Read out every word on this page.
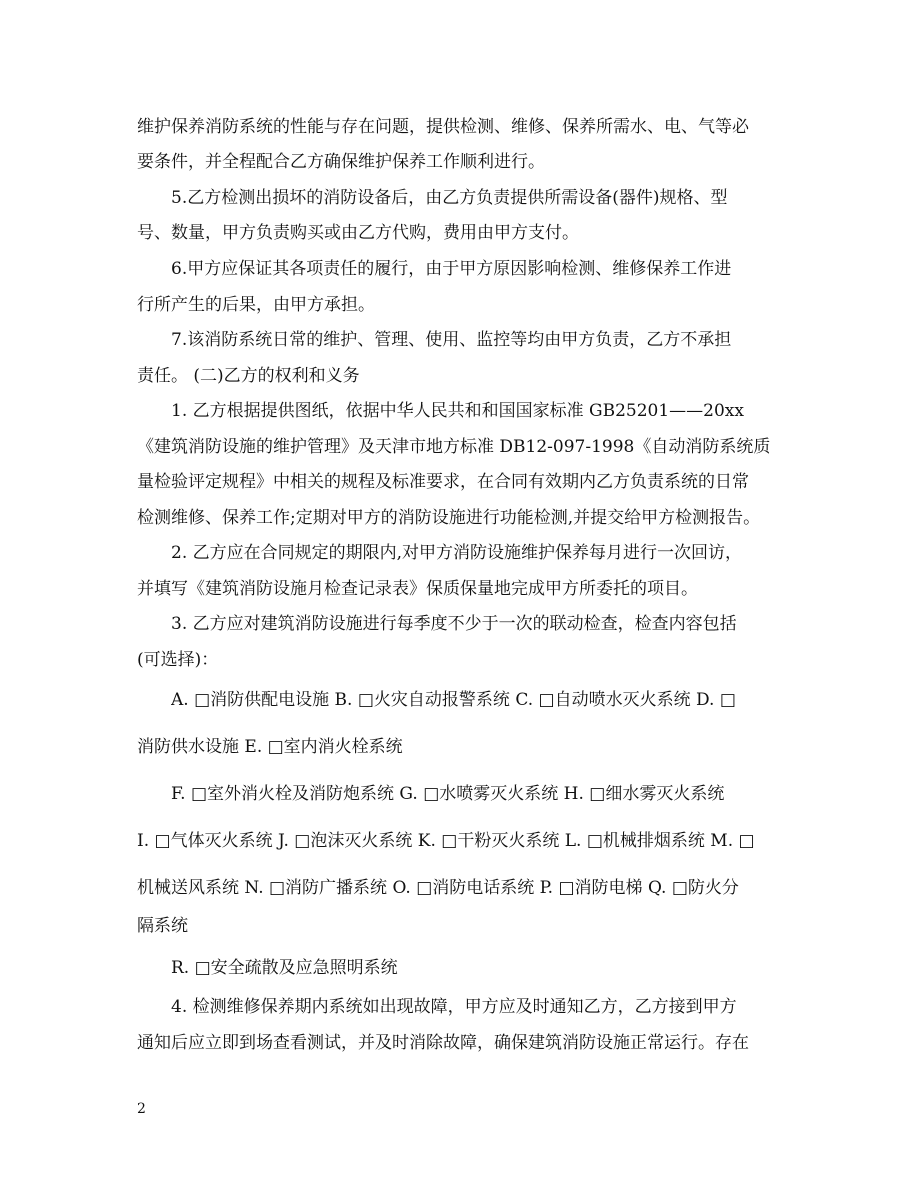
维护保养消防系统的性能与存在问题，提供检测、维修、保养所需水、电、气等必
要条件，并全程配合乙方确保维护保养工作顺利进行。
5.乙方检测出损坏的消防设备后，由乙方负责提供所需设备(器件)规格、型
号、数量，甲方负责购买或由乙方代购，费用由甲方支付。
6.甲方应保证其各项责任的履行，由于甲方原因影响检测、维修保养工作进
行所产生的后果，由甲方承担。
7.该消防系统日常的维护、管理、使用、监控等均由甲方负责，乙方不承担
责任。 (二)乙方的权利和义务
1. 乙方根据提供图纸，依据中华人民共和和国国家标准 GB25201——20xx
《建筑消防设施的维护管理》及天津市地方标准 DB12-097-1998《自动消防系统质
量检验评定规程》中相关的规程及标准要求，在合同有效期内乙方负责系统的日常
检测维修、保养工作;定期对甲方的消防设施进行功能检测,并提交给甲方检测报告。
2. 乙方应在合同规定的期限内,对甲方消防设施维护保养每月进行一次回访，
并填写《建筑消防设施月检查记录表》保质保量地完成甲方所委托的项目。
3. 乙方应对建筑消防设施进行每季度不少于一次的联动检查，检查内容包括
(可选择)：
A. □消防供配电设施 B. □火灾自动报警系统 C. □自动喷水灭火系统 D. □
消防供水设施 E. □室内消火栓系统
F. □室外消火栓及消防炮系统 G. □水喷雾灭火系统 H. □细水雾灭火系统
I. □气体灭火系统 J. □泡沫灭火系统 K. □干粉灭火系统 L. □机械排烟系统 M. □
机械送风系统 N. □消防广播系统 O. □消防电话系统 P. □消防电梯 Q. □防火分
隔系统
R. □安全疏散及应急照明系统
4. 检测维修保养期内系统如出现故障，甲方应及时通知乙方，乙方接到甲方
通知后应立即到场查看测试，并及时消除故障，确保建筑消防设施正常运行。存在
2
